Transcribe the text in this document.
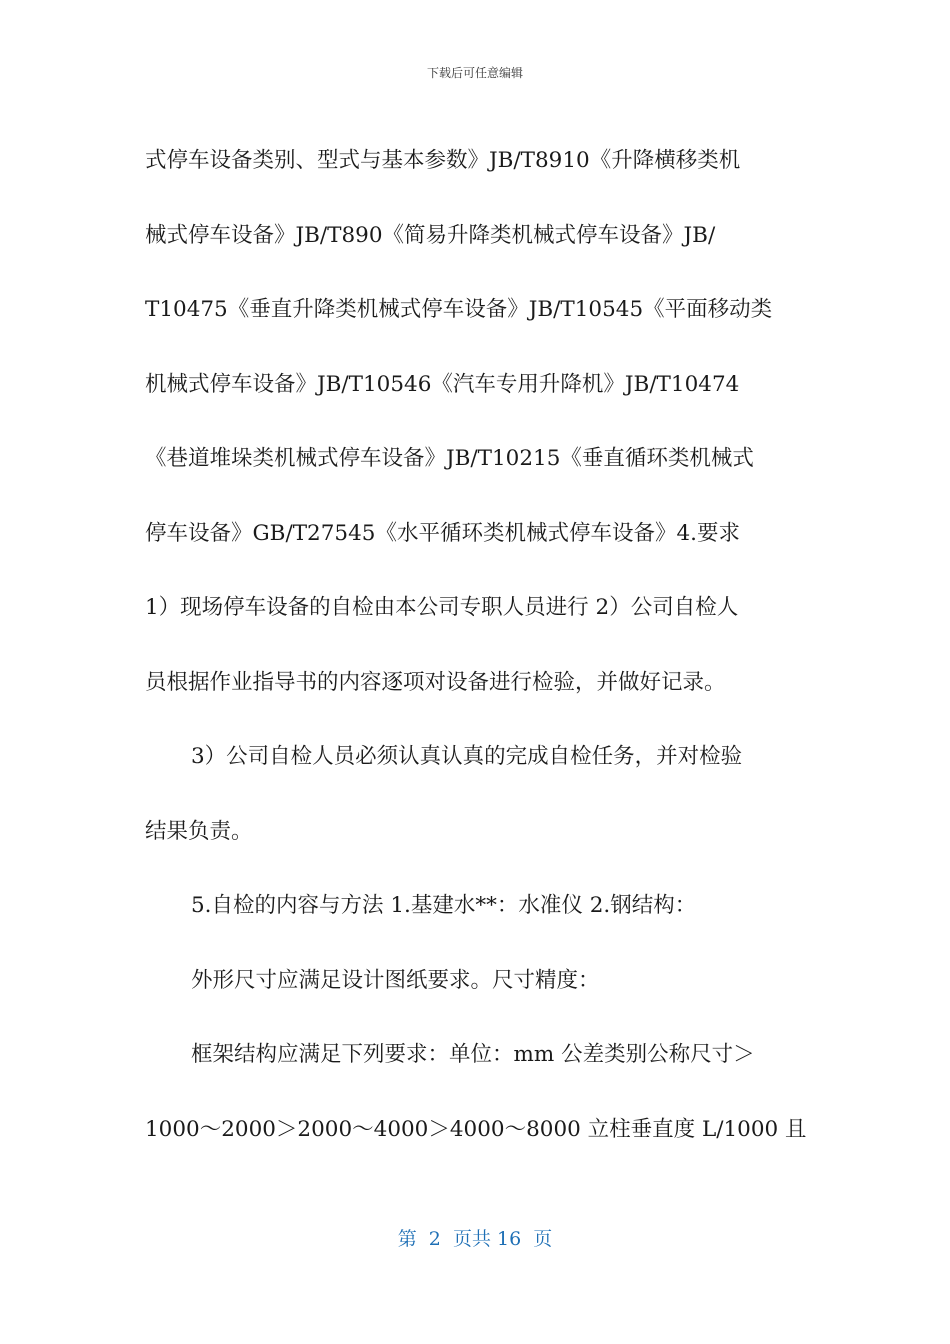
下载后可任意编辑
式停车设备类别、型式与基本参数》JB/T8910《升降横移类机
械式停车设备》JB/T890《简易升降类机械式停车设备》JB/
T10475《垂直升降类机械式停车设备》JB/T10545《平面移动类
机械式停车设备》JB/T10546《汽车专用升降机》JB/T10474
《巷道堆垛类机械式停车设备》JB/T10215《垂直循环类机械式
停车设备》GB/T27545《水平循环类机械式停车设备》4.要求
1）现场停车设备的自检由本公司专职人员进行 2）公司自检人
员根据作业指导书的内容逐项对设备进行检验，并做好记录。
3）公司自检人员必须认真认真的完成自检任务，并对检验
结果负责。
5.自检的内容与方法 1.基建水**：水准仪 2.钢结构：
外形尺寸应满足设计图纸要求。尺寸精度：
框架结构应满足下列要求：单位：mm 公差类别公称尺寸＞
1000～2000＞2000～4000＞4000～8000 立柱垂直度 L/1000 且
第  2  页共 16  页
